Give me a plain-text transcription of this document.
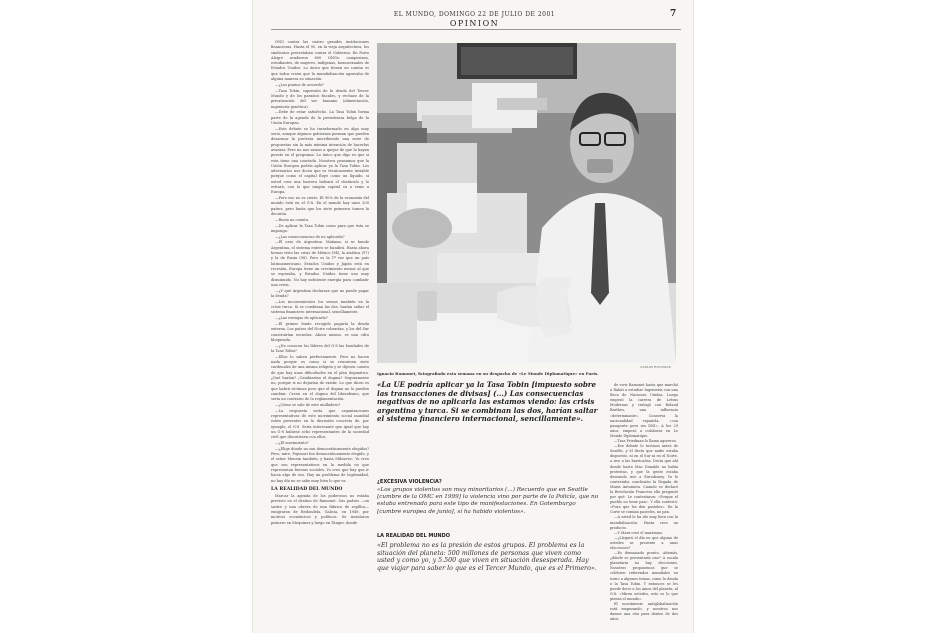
EL MUNDO, DOMINGO 22 DE JULIO DE 2001
OPINION
7

ONG contra las cuatro grandes instituciones financieras. Hasta el 95, en la vieja arquitectura, los sindicatos protestaban contra el Gobierno. En Porto Alegre acudieron 800 ONGs: campesinos, estudiantes, de mujeres, indígenas, homosexuales de Estados Unidos. Lo único que tienen en común es que todos creen que la mundialización agravaba de alguna manera su situación.

—¿Los puntos de acuerdo?

—Tasa Tobin, supresión de la deuda del Tercer Mundo y de los paraísos fiscales, y rechazo de la privatización del ser humano (alimentación, ingeniería genética).

—Debe de estar satisfecho. La Tasa Tobin forma parte de la agenda de la presidencia belga de la Unión Europea.

—Este debate se ha transformado en algo muy serio, aunque algunos gobiernos piensan que pueden desarmar la protesta inscribiendo una serie de propuestas sin la más mínima intención de hacerlas avanzar. Pero no nos vamos a quejar de que la hayan puesto en el programa. Lo único que digo es que si esta tiene una coartada. Nosotros pensamos que la Unión Europea podría aplicar ya la Tasa Tobin. Los adversarios nos dicen que es técnicamente inviable porque como el capital fluye como un líquido, si usted crea una barrera ladeará el obstáculo y lo evitará, con lo que ningún capital va a venir a Europa.

—Pero eso no es cierto. El 90% de la economía del mundo está en el G-8. En el mundo hay unos 200 países, pero basta que los siete primeros tomen la decisión.

—Rusia no cuenta.

—De aplicar la Tasa Tobin como para que ésta se imponga.

—¿Las consecuencias de no aplicarla?

—El caso de Argentina. Mañana, si se hunde Argentina, el sistema entero se hundirá. Hasta ahora hemos visto las crisis de México (94), la asiática (97) y la de Rusia (98). Pero es la 1ª vez que un país latinoamericano, Estados Unidos y Japón está en recesión, Europa tiene un crecimiento menor al que se esperaba, y Estados Unidos tiene uno muy disminuido. No hay suficiente energía para combatir una crisis.

—¿Y qué Argentina declarase que no puede pagar la deuda?

—Los inconvenientes los vemos también en la crisis turca. Si se combinan las dos, harían saltar el sistema financiero internacional, sencillamente.

—¿Las ventajas de aplicarla?

—El primer fondo recogido pagaría la deuda externa. Los países del Norte cobrarían, y los del Sur construirían escuelas. Ahora mismo, es una cifra bloqueada.

—¿No conocen los líderes del G-8 las bondades de la Tasa Tobin?

—Ellos lo saben perfectamente. Pero no hacen nada porque es como si se reuniesen siete cardenales de una misma religión y se dijesen cuento de que hay unas dificultades en el plan dogmático. ¿Qué harían? ¡Cambiarían el dogma? Seguramente no, porque si no dejarían de existir. Lo que dicen es que habrá víctimas pero que el dogma no lo pueden cambiar. Creen en el dogma del liberalismo, que sería un contrario de la reglamentación.

—¿Cómo se sale de este atolladero?

—La respuesta sería que organizaciones representativas de este movimiento social mundial estén presentes en la discusión concreta de, por ejemplo, el G-8. Sería interesante que igual que hay un G-8 hubiese ocho representantes de la sociedad civil que discutiesen con ellos.

—¿El movimiento?

—¿Elige dónde no son democráticamente elegidos? Pero, mire, Fujimori fue democráticamente elegido, y el señor Menem también, y hasta Milosevic. Yo creo que son representativos en la medida en que representan fuerzas sociales. Yo creo que hay que ir hacia algo de eso. Hay un problema de legitimidad, no hay día no se sabe muy bien lo que es.

LA REALIDAD DEL MUNDO

Marcar la agenda de los poderosos no estaba previsto en el destino de Ramonet. Sus padres —un sastre y una obrera de una fábrica de sepillos— emigraron de Redondela, Galicia, en 1949, por motivos económicos y políticos. Se instalaron primero en Mequinez y luego en Tánger, donde

CARLOS ROTOMAR
Ignacio Ramonet, fotografiado esta semana en su despacho de «Le Monde Diplomatique» en París.
«La UE podría aplicar ya la Tasa Tobin [impuesto sobre las transacciones de divisas] (...) Las consecuencias negativas de no aplicarla las estamos viendo: las crisis argentina y turca. Si se combinan las dos, harían saltar el sistema financiero internacional, sencillamente».
¿EXCESIVA VIOLENCIA?
«Los grupos violentos son muy minoritarios (...) Recuerdo que en Seattle [cumbre de la OMC en 1999] la violencia vino por parte de la Policía, que no estaba entrenada para este tipo de manifestaciones. En Gotemburgo [cumbre europea de junio], sí ha habido violentos».
LA REALIDAD DEL MUNDO
«El problema no es la presión de estos grupos. El problema es la situación del planeta: 500 millones de personas que viven como usted y como yo, y 5.500 que viven en situación desesperada. Hay que viajar para saber lo que es el Tercer Mundo, que es el Primero».

de vivir Ramonet hasta que marchó a Rabat a estudiar Ingeniería con una Beca de Naciones Unidas. Luego empezó la carrera de Letras Modernas y trabajó con Roland Barthes, una influencia «determinante». Conserva la nacionalidad española, «con pasaporte pero sin DNI». A los 29 años, empezó a colaborar en Le Monde Diplomatique.

—Tras Friedman lo llama agoreros.

—Ese debate lo tuvimos antes de Seattle, y él decía que nadie estaba dispuesto, ni en el Sur ni en el Norte, a irse a las barricadas. Decía que ahí donde hasta Mac Donalds no había protestas, y que la gente estaba deseando irse a Eurodisney. Yo le contestaba conclusión la llegada de María Antonieta. Cuando se declaró la Revolución Francesa ella preguntó por qué. Le contestaron: «Porque el pueblo no tiene pan». Y ella contestó: «Pues que les den pasteles». En la Corte se comían pasteles, no pan.

—A usted le ha ido muy bien con la mundialización. Hasta creo un producto.

—Y Marx creó el marxismo.

—¿Llegará el día en que alguno de ustedes se presente a unas elecciones?

—Es demasiado pronto. Además, ¿dónde se presentaría uno? A escala planetaria no hay elecciones. Nosotros proponemos que se celebren referendos mundiales en torno a algunos temas, como la deuda o la Tasa Tobin. Y entonces se les puede decir a los amos del planeta, al G-8: «Miren ustedes, esto es lo que piensa el mundo».

El movimiento antiglobalización está empezando, y nosotros nos damos una cita para dentro de dos años.
